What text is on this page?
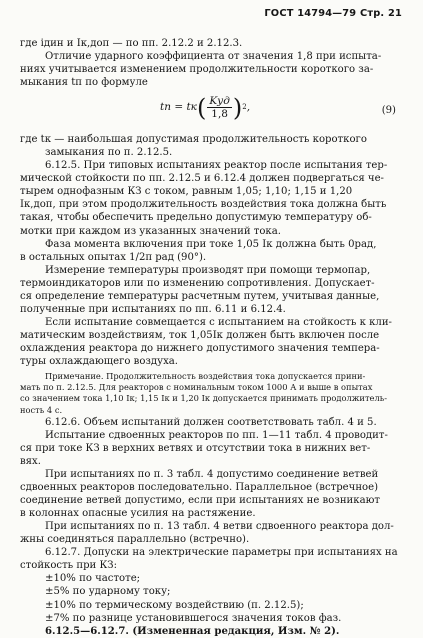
ГОСТ 14794—79 Стр. 21

где iдин и Iк,доп — по пп. 2.12.2 и 2.12.3.

Отличие ударного коэффициента от значения 1,8 при испыта-

ниях учитывается изменением продолжительности короткого за-

мыкания tп по формуле

tп = tк ( $\frac{\text{Kуд}}{1,8}$ ) 2 ,	(9)

где tк — наибольшая допустимая продолжительность короткого

замыкания по п. 2.12.5.

6.12.5. При типовых испытаниях реактор после испытания тер-

мической стойкости по пп. 2.12.5 и 6.12.4 должен подвергаться че-

тырем однофазным КЗ с током, равным 1,05; 1,10; 1,15 и 1,20

Iк,доп, при этом продолжительность воздействия тока должна быть

такая, чтобы обеспечить предельно допустимую температуру об-

мотки при каждом из указанных значений тока.

Фаза момента включения при токе 1,05 Iк должна быть 0рад,

в остальных опытах 1/2π рад (90°).

Измерение температуры производят при помощи термопар,

термоиндикаторов или по изменению сопротивления. Допускает-

ся определение температуры расчетным путем, учитывая данные,

полученные при испытаниях по пп. 6.11 и 6.12.4.

Если испытание совмещается с испытанием на стойкость к кли-

матическим воздействиям, ток 1,05Iк должен быть включен после

охлаждения реактора до нижнего допустимого значения темпера-

туры охлаждающего воздуха.

Примечание. Продолжительность воздействия тока допускается прини-

мать по п. 2.12.5. Для реакторов с номинальным током 1000 А и выше в опытах

со значением тока 1,10 Iк; 1,15 Iк и 1,20 Iк допускается принимать продолжитель-

ность 4 с.

6.12.6. Объем испытаний должен соответствовать табл. 4 и 5.

Испытание сдвоенных реакторов по пп. 1—11 табл. 4 проводит-

ся при токе КЗ в верхних ветвях и отсутствии тока в нижних вет-

вях.

При испытаниях по п. 3 табл. 4 допустимо соединение ветвей

сдвоенных реакторов последовательно. Параллельное (встречное)

соединение ветвей допустимо, если при испытаниях не возникают

в колоннах опасные усилия на растяжение.

При испытаниях по п. 13 табл. 4 ветви сдвоенного реактора дол-

жны соединяться параллельно (встречно).

6.12.7. Допуски на электрические параметры при испытаниях на

стойкость при КЗ:

±10% по частоте;

±5% по ударному току;

±10% по термическому воздействию (п. 2.12.5);

±7% по разнице установившегося значения токов фаз.

6.12.5—6.12.7. (Измененная редакция, Изм. № 2).
